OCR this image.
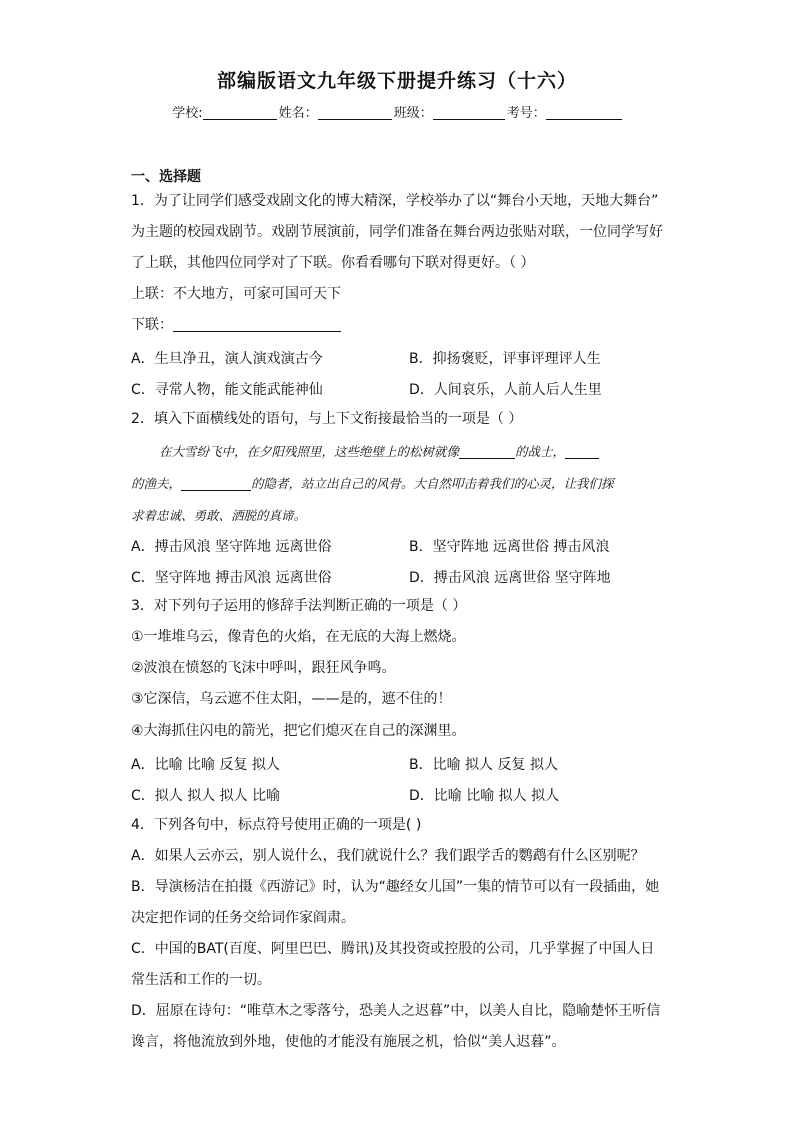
部编版语文九年级下册提升练习（十六）
学校:	姓名：	班级：	考号：
一、选择题
1．为了让同学们感受戏剧文化的博大精深，学校举办了以“舞台小天地，天地大舞台”
为主题的校园戏剧节。戏剧节展演前，同学们准备在舞台两边张贴对联，一位同学写好
了上联，其他四位同学对了下联。你看看哪句下联对得更好。（ ）
上联：不大地方，可家可国可天下
下联：
A．生旦净丑，演人演戏演古今	B．抑扬褒贬，评事评理评人生
C．寻常人物，能文能武能神仙	D．人间哀乐，人前人后人生里
2．填入下面横线处的语句，与上下文衔接最恰当的一项是（ ）
在大雪纷飞中，在夕阳残照里，这些绝壁上的松树就像	的战士，
的渔夫，	的隐者，站立出自己的风骨。大自然叩击着我们的心灵，让我们探
求着忠诚、勇敢、洒脱的真谛。
A．搏击风浪 坚守阵地 远离世俗	B．坚守阵地 远离世俗 搏击风浪
C．坚守阵地 搏击风浪 远离世俗	D．搏击风浪 远离世俗 坚守阵地
3．对下列句子运用的修辞手法判断正确的一项是（ ）
①一堆堆乌云，像青色的火焰，在无底的大海上燃烧。
②波浪在愤怒的飞沫中呼叫，跟狂风争鸣。
③它深信，乌云遮不住太阳，——是的，遮不住的！
④大海抓住闪电的箭光，把它们熄灭在自己的深渊里。
A．比喻 比喻 反复 拟人	B．比喻 拟人 反复 拟人
C．拟人 拟人 拟人 比喻	D．比喻 比喻 拟人 拟人
4．下列各句中，标点符号使用正确的一项是( )
A．如果人云亦云，别人说什么，我们就说什么？我们跟学舌的鹦鹉有什么区别呢？
B．导演杨洁在拍摄《西游记》时，认为“趣经女儿国”一集的情节可以有一段插曲，她
决定把作词的任务交给词作家阎肃。
C．中国的BAT(百度、阿里巴巴、腾讯)及其投资或控股的公司，几乎掌握了中国人日
常生活和工作的一切。
D．屈原在诗句：“唯草木之零落兮，恐美人之迟暮”中，以美人自比，隐喻楚怀王听信
谗言，将他流放到外地，使他的才能没有施展之机，恰似“美人迟暮”。
